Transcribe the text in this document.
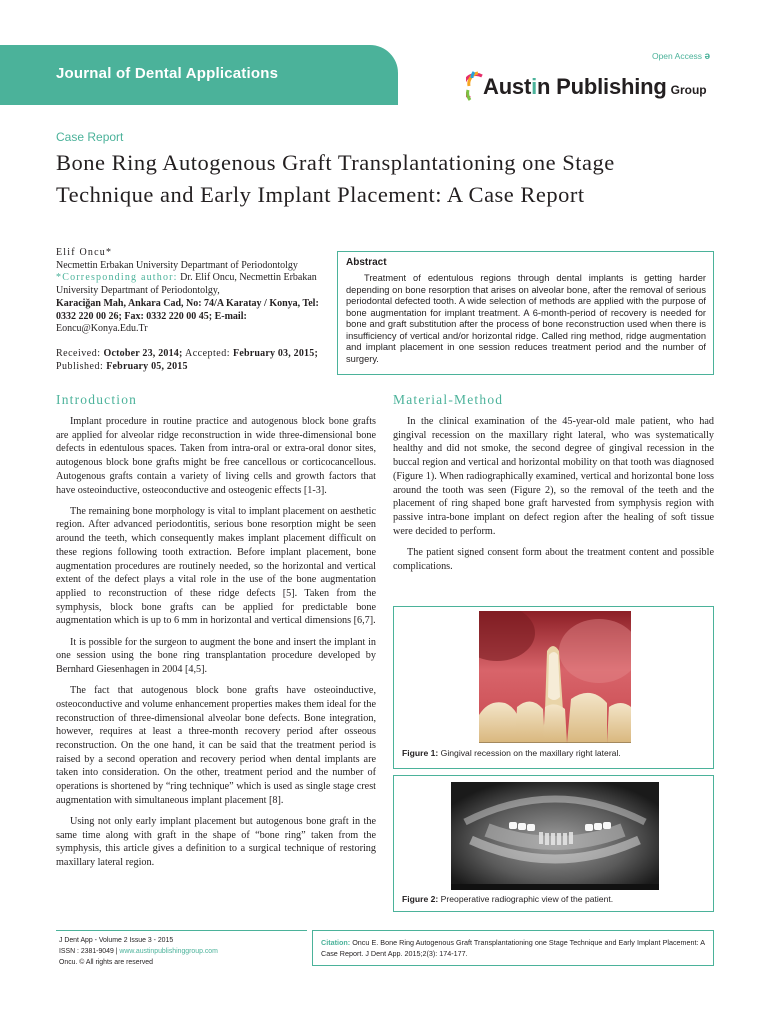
Journal of Dental Applications
Open Access ə
Austin Publishing Group
Case Report
Bone Ring Autogenous Graft Transplantationing one Stage Technique and Early Implant Placement: A Case Report
Elif Oncu*
Necmettin Erbakan University Departmant of Periodontolgy
*Corresponding author: Dr. Elif Oncu, Necmettin Erbakan University Departmant of Periodontolgy,
Karaciğan Mah, Ankara Cad, No: 74/A Karatay / Konya, Tel: 0332 220 00 26; Fax: 0332 220 00 45; E-mail:
Eoncu@Konya.Edu.Tr
Received: October 23, 2014; Accepted: February 03, 2015; Published: February 05, 2015
Abstract

Treatment of edentulous regions through dental implants is getting harder depending on bone resorption that arises on alveolar bone, after the removal of serious periodontal defected tooth. A wide selection of methods are applied with the purpose of bone augmentation for implant treatment. A 6-month-period of recovery is needed for bone and graft substitution after the process of bone reconstruction used when there is insufficiency of vertical and/or horizontal ridge. Called ring method, ridge augmentation and implant placement in one session reduces treatment period and the number of surgery.

Introduction

Implant procedure in routine practice and autogenous block bone grafts are applied for alveolar ridge reconstruction in wide three-dimensional bone defects in edentulous spaces. Taken from intra-oral or extra-oral donor sites, autogenous block bone grafts might be free cancellous or corticocancellous. Autogenous grafts contain a variety of living cells and growth factors that have osteoinductive, osteoconductive and osteogenic effects [1-3].

The remaining bone morphology is vital to implant placement on aesthetic region. After advanced periodontitis, serious bone resorption might be seen around the teeth, which consequently makes implant placement difficult on these regions following tooth extraction. Before implant placement, bone augmentation procedures are routinely needed, so the horizontal and vertical extent of the defect plays a vital role in the use of the bone augmentation applied to reconstruction of these ridge defects [5]. Taken from the symphysis, block bone grafts can be applied for predictable bone augmentation which is up to 6 mm in horizontal and vertical dimensions [6,7].

It is possible for the surgeon to augment the bone and insert the implant in one session using the bone ring transplantation procedure developed by Bernhard Giesenhagen in 2004 [4,5].

The fact that autogenous block bone grafts have osteoinductive, osteoconductive and volume enhancement properties makes them ideal for the reconstruction of three-dimensional alveolar bone defects. Bone integration, however, requires at least a three-month recovery period after osseous reconstruction. On the one hand, it can be said that the treatment period is raised by a second operation and recovery period when dental implants are taken into consideration. On the other, treatment period and the number of operations is shortened by “ring technique” which is used as single stage crest augmentation with simultaneous implant placement [8].

Using not only early implant placement but autogenous bone graft in the same time along with graft in the shape of “bone ring” taken from the symphysis, this article gives a definition to a surgical technique of restoring maxillary lateral region.

Material-Method

In the clinical examination of the 45-year-old male patient, who had gingival recession on the maxillary right lateral, who was systematically healthy and did not smoke, the second degree of gingival recession in the buccal region and vertical and horizontal mobility on that tooth was diagnosed (Figure 1). When radiographically examined, vertical and horizontal bone loss around the tooth was seen (Figure 2), so the removal of the teeth and the placement of ring shaped bone graft harvested from symphysis region with passive intra-bone implant on defect region after the healing of soft tissue were decided to perform.

The patient signed consent form about the treatment content and possible complications.

Figure 1: Gingival recession on the maxillary right lateral.
Figure 2: Preoperative radiographic view of the patient.
J Dent App - Volume 2 Issue 3 - 2015
ISSN : 2381-9049 | www.austinpublishinggroup.com
Oncu. © All rights are reserved
Citation: Oncu E. Bone Ring Autogenous Graft Transplantationing one Stage Technique and Early Implant Placement: A Case Report. J Dent App. 2015;2(3): 174-177.
